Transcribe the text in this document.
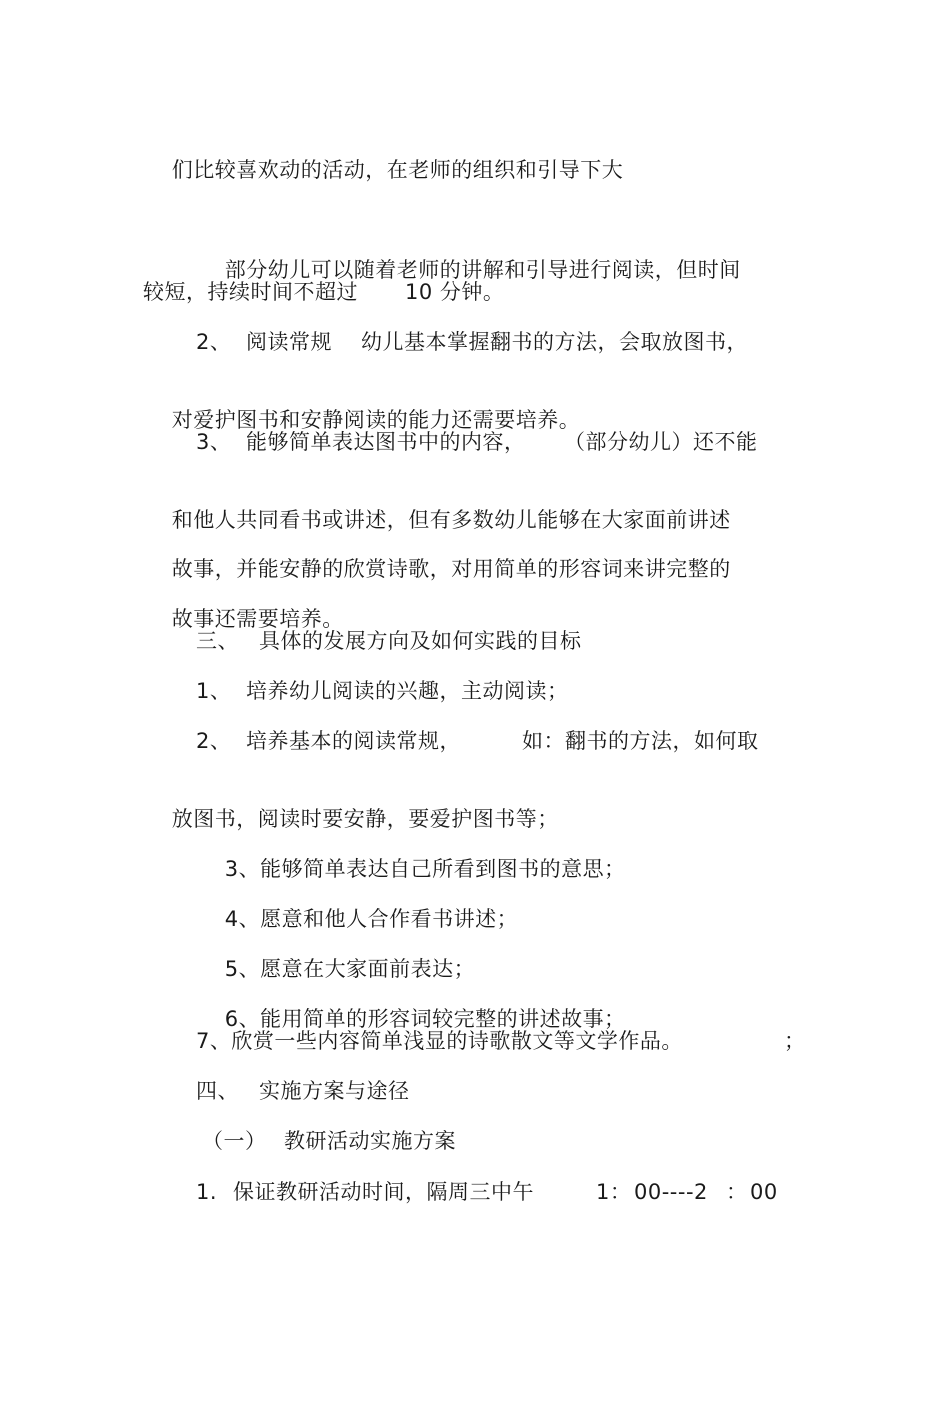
们比较喜欢动的活动，在老师的组织和引导下大

部分幼儿可以随着老师的讲解和引导进行阅读，但时间

较短，持续时间不超过

10 分钟。

2、

阅读常规

幼儿基本掌握翻书的方法，会取放图书，

对爱护图书和安静阅读的能力还需要培养。

3、

能够简单表达图书中的内容，

（部分幼儿）还不能

和他人共同看书或讲述，但有多数幼儿能够在大家面前讲述

故事，并能安静的欣赏诗歌，对用简单的形容词来讲完整的

故事还需要培养。

三、

具体的发展方向及如何实践的目标

1、

培养幼儿阅读的兴趣，主动阅读；

2、

培养基本的阅读常规，

	如：翻书的方法，如何取

放图书，阅读时要安静，要爱护图书等；

3、能够简单表达自己所看到图书的意思；

4、愿意和他人合作看书讲述；

5、愿意在大家面前表达；

6、能用简单的形容词较完整的讲述故事；

7、欣赏一些内容简单浅显的诗歌散文等文学作品。

	；

四、

实施方案与途径

（一）

教研活动实施方案

1.

保证教研活动时间，隔周三中午

	1：

00----2

：

00
